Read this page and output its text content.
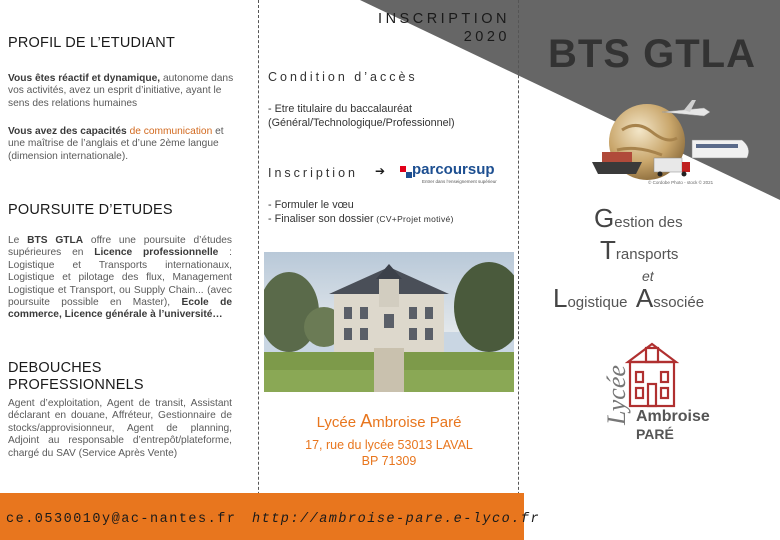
PROFIL DE L’ETUDIANT
Vous êtes réactif et dynamique, autonome dans vos activités, avez un esprit d’initiative, ayant le sens des relations humaines
Vous avez des capacités de communication et une maîtrise de l’anglais et d’une 2ème langue (dimension internationale).
POURSUITE D’ETUDES
Le BTS GTLA offre une poursuite d’études supérieures en Licence professionnelle : Logistique et Transports internationaux, Logistique et pilotage des flux, Management Logistique et Transport, ou Supply Chain... (avec poursuite possible en Master), Ecole de commerce, Licence générale à l’université…
DEBOUCHES
PROFESSIONNELS
Agent d’exploitation, Agent de transit, Assistant déclarant en douane, Affréteur, Gestionnaire de stocks/approvisionneur, Agent de planning, Adjoint au responsable d’entrepôt/plateforme, chargé du SAV (Service Après Vente)
INSCRIPTION
2020
Condition d’accès
- Etre titulaire du baccalauréat
(Général/Technologique/Professionnel)
Inscription ➔ parcoursup
Entrer dans l’enseignement supérieur
- Formuler le vœu
- Finaliser son dossier (CV+Projet motivé)
Lycée Ambroise Paré
17, rue du lycée 53013 LAVAL
BP 71309
BTS GTLA
© Cordobe Photo - stock © 2021
Gestion des
Transports
et
Logistique Associée
Lycée Ambroise
PARÉ
ce.0530010y@ac-nantes.fr http://ambroise-pare.e-lyco.fr
